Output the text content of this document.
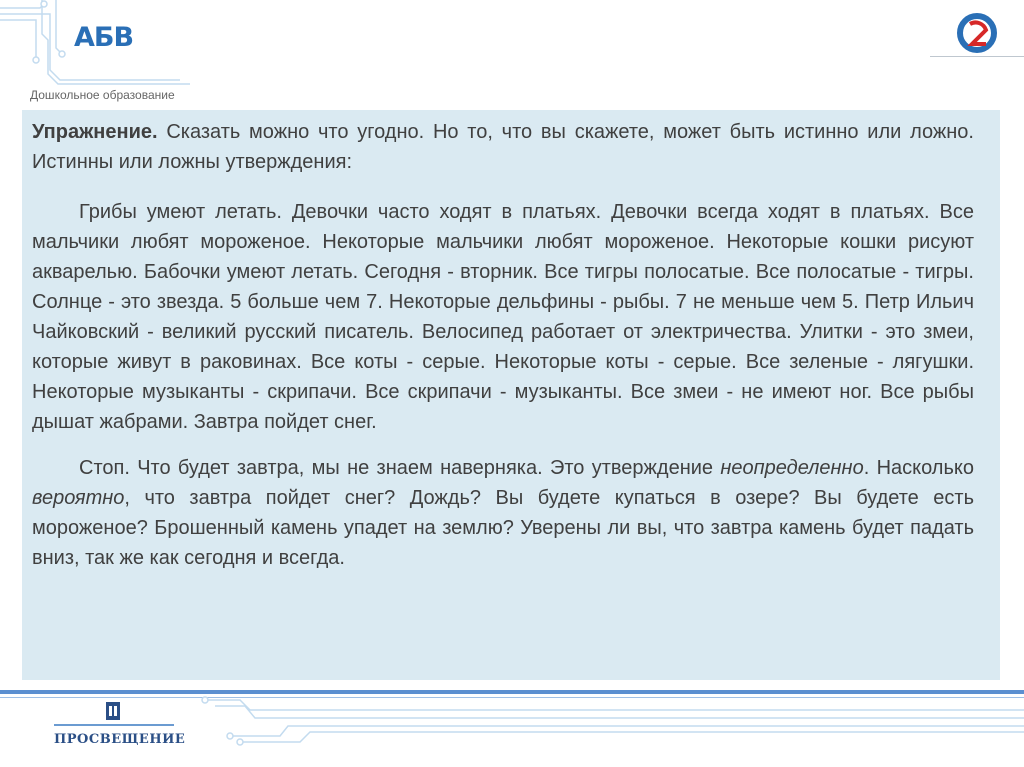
АБВ
Дошкольное образование

Упражнение. Сказать можно что угодно. Но то, что вы скажете, может быть истинно или ложно. Истинны или ложны утверждения:

Грибы умеют летать. Девочки часто ходят в платьях. Девочки всегда ходят в платьях. Все мальчики любят мороженое. Некоторые мальчики любят мороженое. Некоторые кошки рисуют акварелью. Бабочки умеют летать. Сегодня - вторник. Все тигры полосатые. Все полосатые - тигры. Солнце - это звезда. 5 больше чем 7. Некоторые дельфины - рыбы. 7 не меньше чем 5. Петр Ильич Чайковский - великий русский писатель. Велосипед работает от электричества. Улитки - это змеи, которые живут в раковинах. Все коты - серые. Некоторые коты - серые. Все зеленые - лягушки. Некоторые музыканты - скрипачи. Все скрипачи - музыканты. Все змеи - не имеют ног. Все рыбы дышат жабрами. Завтра пойдет снег.

Стоп. Что будет завтра, мы не знаем наверняка. Это утверждение неопределенно. Насколько вероятно, что завтра пойдет снег? Дождь? Вы будете купаться в озере? Вы будете есть мороженое? Брошенный камень упадет на землю? Уверены ли вы, что завтра камень будет падать вниз, так же как сегодня и всегда.

ПРОСВЕЩЕНИЕ
